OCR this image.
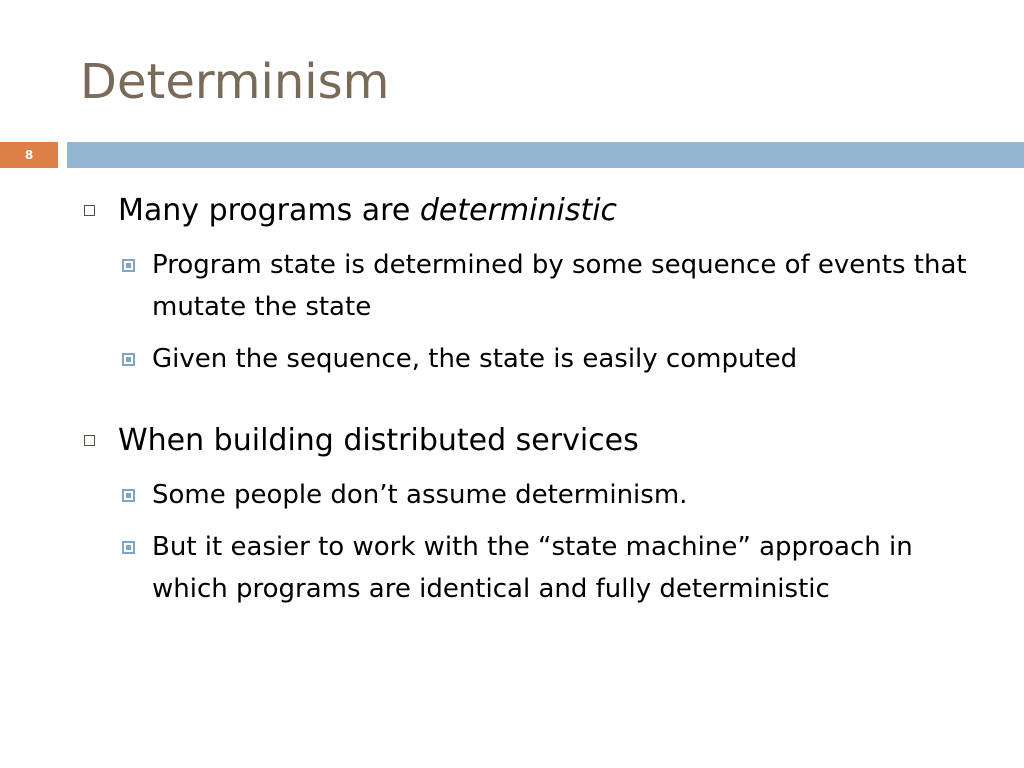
Determinism
8
Many programs are deterministic
Program state is determined by some sequence of events that mutate the state
Given the sequence, the state is easily computed
When building distributed services
Some people don’t assume determinism.
But it easier to work with the “state machine” approach in which programs are identical and fully deterministic
